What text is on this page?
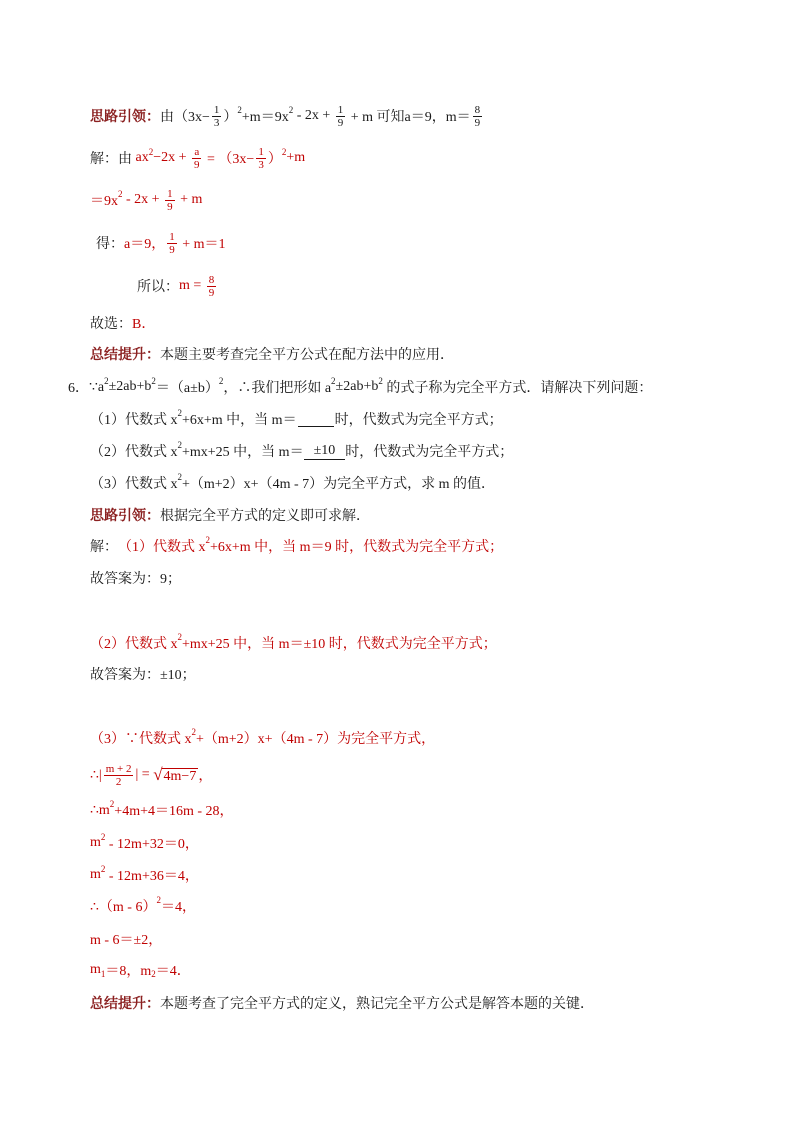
思路引领： 由（$3x- \frac{1}{3}$ ） 2 +m＝9x $2 - 2x + \frac{1}{9} + m$ 可知a＝9，$m= \frac{8}{9}$
解：由 ax $2 -2x + \frac{a}{9} = (3x- \frac{1}{3}$ ） 2 +m
＝9x $2 - 2x + \frac{1}{9} + m$
得： a＝9， $\frac{1}{9} + m=1$
所以： $m = \frac{8}{9}$
故选： B．
总结提升： 本题主要考查完全平方公式在配方法中的应用．
6． ∵a 2 ±2ab+b 2 ＝（a±b） 2 ，∴我们把形如 a 2 ±2ab+b 2 的式子称为完全平方式．请解决下列问题：
（1）代数式 x 2 +6x+m 中，当 m＝	时，代数式为完全平方式；
（2）代数式 x 2 +mx+25 中，当 m＝ ±10 时，代数式为完全平方式；
（3）代数式 x 2 +（m+2）x+（4m - 7）为完全平方式，求 m 的值．
思路引领： 根据完全平方式的定义即可求解．
解： （1）代数式 x 2 +6x+m 中，当 m＝9 时，代数式为完全平方式；
故答案为：9；
（2）代数式 x 2 +mx+25 中，当 m＝±10 时，代数式为完全平方式；
故答案为：±10；
（3）∵代数式 x 2 +（m+2）x+（4m - 7）为完全平方式，
∴| $\frac{m + 2}{2}$ | = √ 4m−7 ，
∴m 2 +4m+4＝16m - 28，
m 2 - 12m+32＝0，
m 2 - 12m+36＝4，
∴（m - 6） 2 ＝4，
m - 6＝±2，
m 1 ＝8，m 2 ＝4．
总结提升： 本题考查了完全平方式的定义，熟记完全平方公式是解答本题的关键．
